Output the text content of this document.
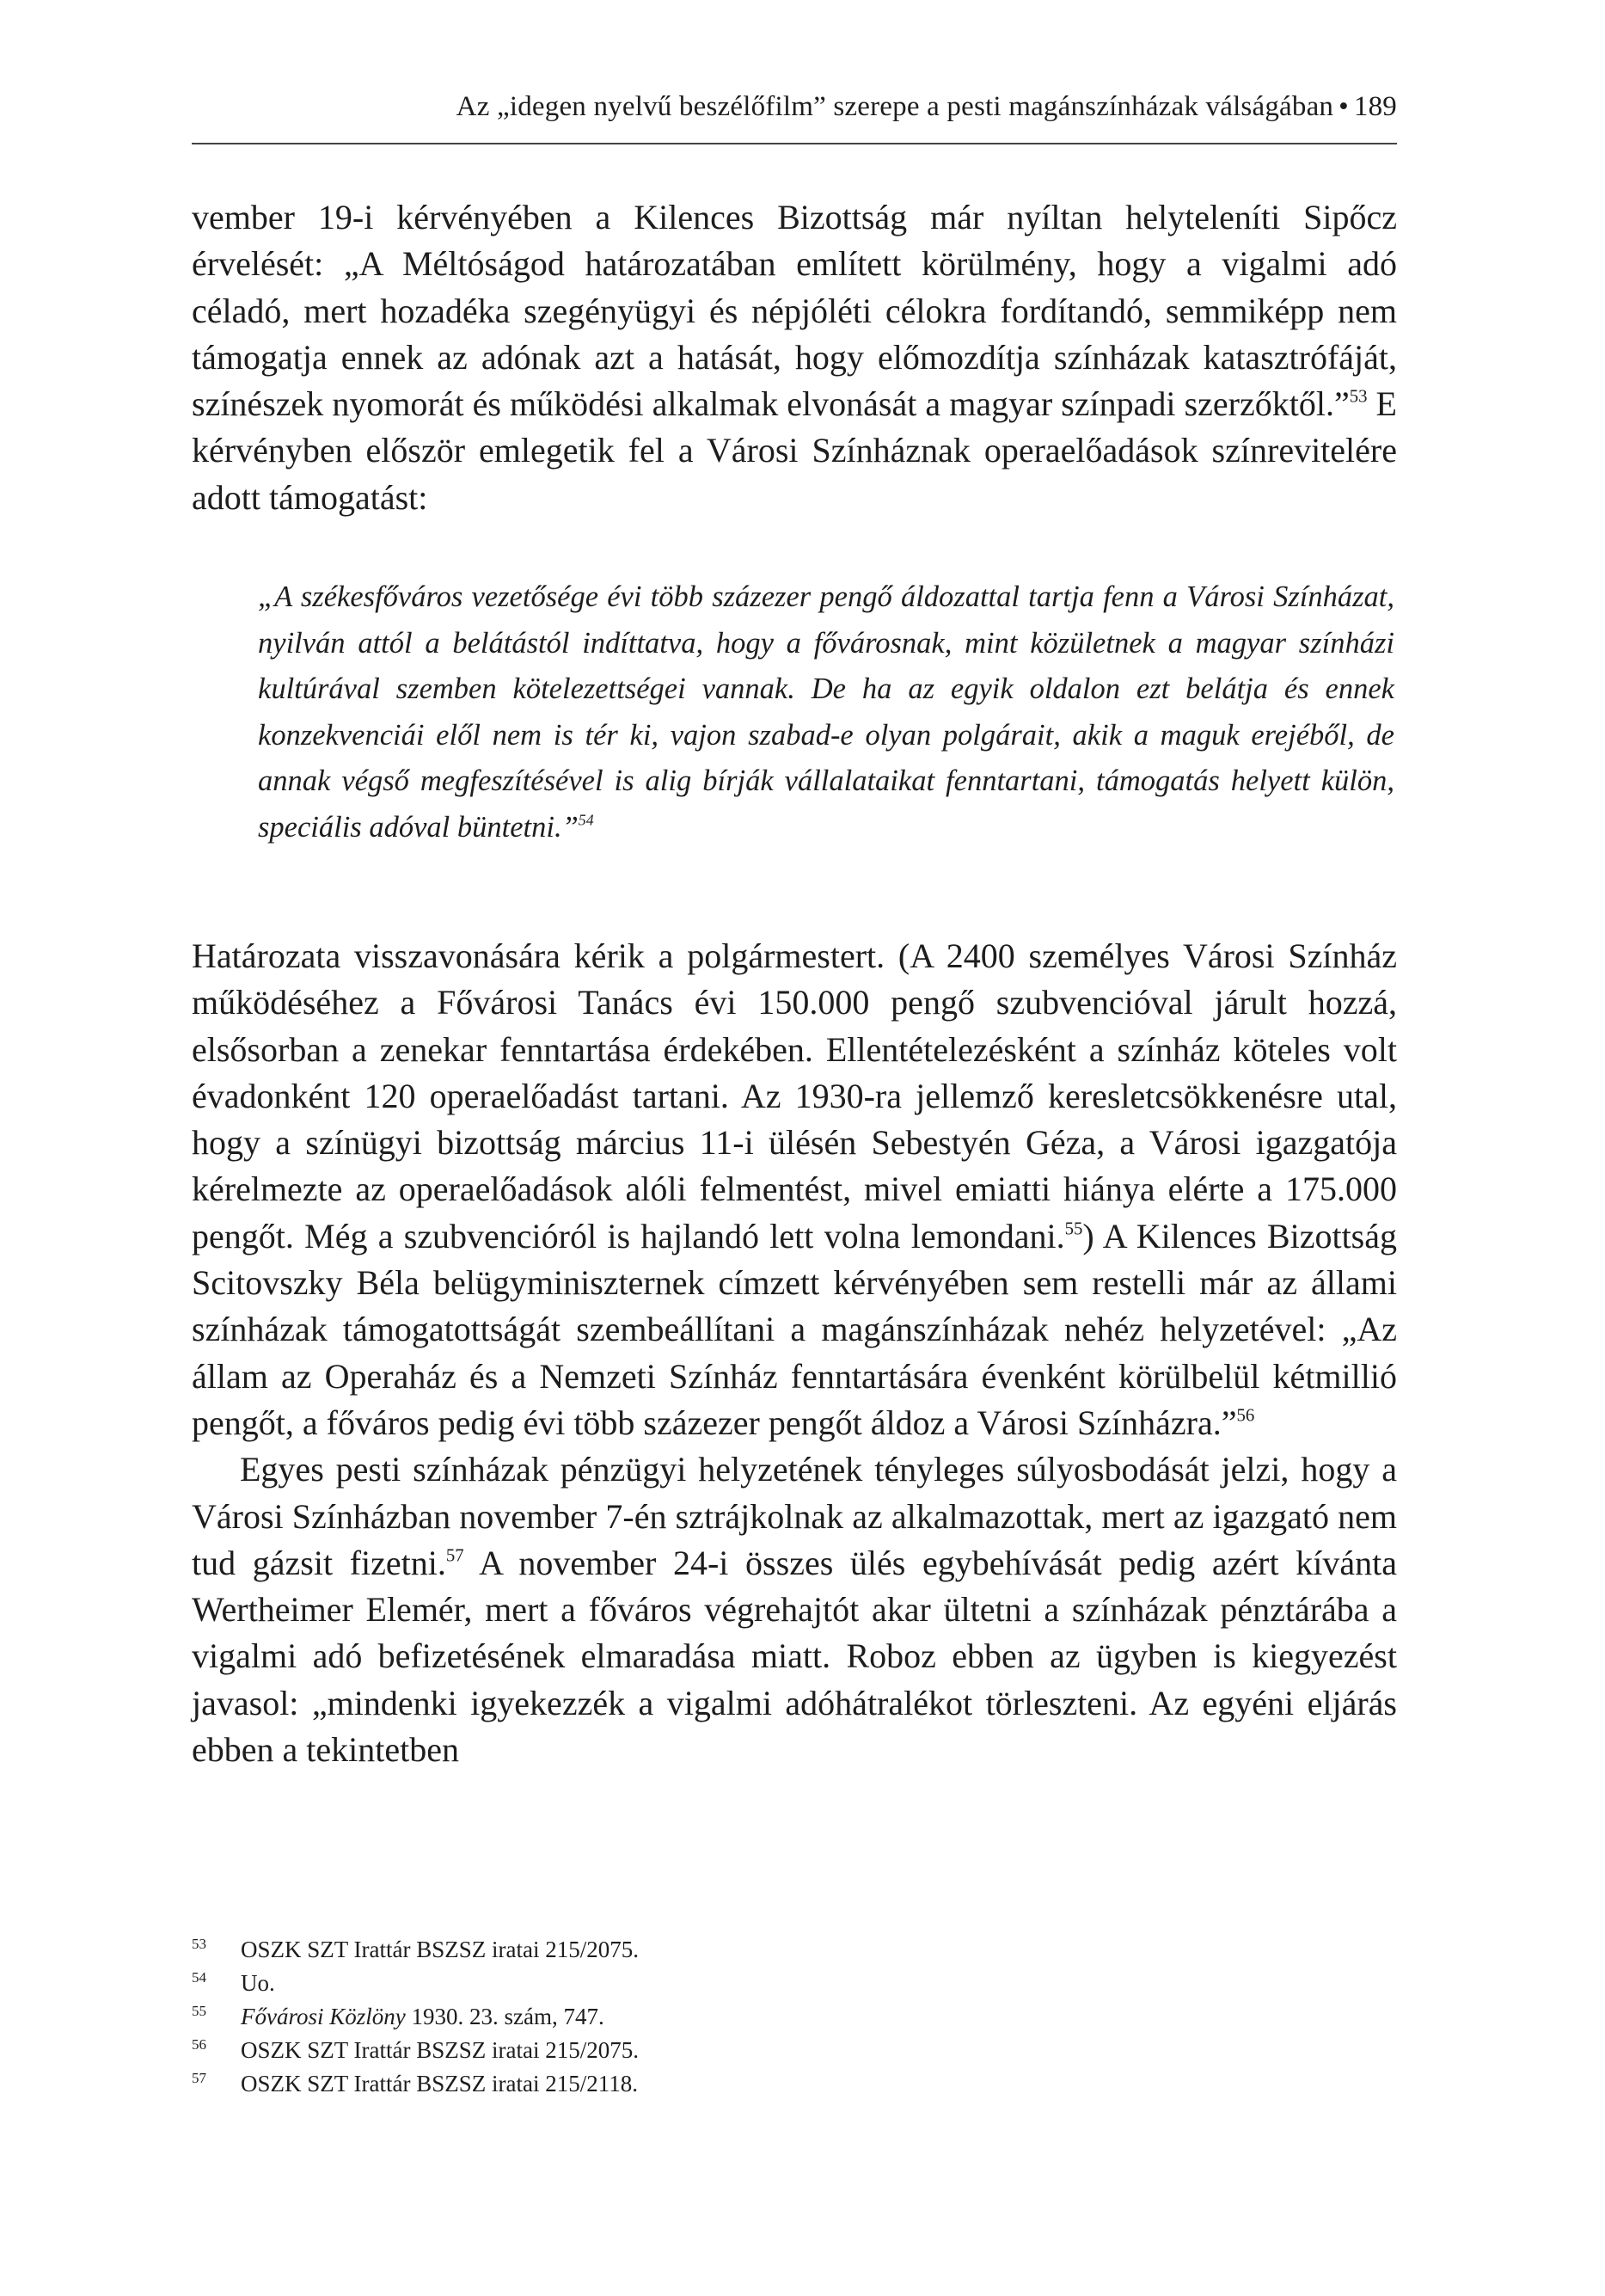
Az „idegen nyelvű beszélőfilm” szerepe a pesti magánszínházak válságában • 189

vember 19-i kérvényében a Kilences Bizottság már nyíltan helyteleníti Sipőcz érvelését: „A Méltóságod határozatában említett körülmény, hogy a vigalmi adó céladó, mert hozadéka szegényügyi és népjóléti célokra fordítandó, semmiképp nem támogatja ennek az adónak azt a hatását, hogy előmozdítja színházak katasztrófáját, színészek nyomorát és működési alkalmak elvonását a magyar színpadi szerzőktől.”$^{53}$ E kérvényben először emlegetik fel a Városi Színháznak operaelőadások színrevitelére adott támogatást:

„A székesfőváros vezetősége évi több százezer pengő áldozattal tartja fenn a Városi Színházat, nyilván attól a belátástól indíttatva, hogy a fővárosnak, mint közületnek a magyar színházi kultúrával szemben kötelezettségei vannak. De ha az egyik oldalon ezt belátja és ennek konzekvenciái elől nem is tér ki, vajon szabad-e olyan polgárait, akik a maguk erejéből, de annak végső megfeszítésével is alig bírják vállalataikat fenntartani, támogatás helyett külön, speciális adóval büntetni.”$^{54}$

Határozata visszavonására kérik a polgármestert. (A 2400 személyes Városi Színház működéséhez a Fővárosi Tanács évi 150.000 pengő szubvencióval járult hozzá, elsősorban a zenekar fenntartása érdekében. Ellentételezésként a színház köteles volt évadonként 120 operaelőadást tartani. Az 1930-ra jellemző keresletcsökkenésre utal, hogy a színügyi bizottság március 11-i ülésén Sebestyén Géza, a Városi igazgatója kérelmezte az operaelőadások alóli felmentést, mivel emiatti hiánya elérte a 175.000 pengőt. Még a szubvencióról is hajlandó lett volna lemondani.$^{55}$) A Kilences Bizottság Scitovszky Béla belügyminiszternek címzett kérvényében sem restelli már az állami színházak támogatottságát szembeállítani a magánszínházak nehéz helyzetével: „Az állam az Operaház és a Nemzeti Színház fenntartására évenként körülbelül kétmillió pengőt, a főváros pedig évi több százezer pengőt áldoz a Városi Színházra.”$^{56}$

Egyes pesti színházak pénzügyi helyzetének tényleges súlyosbodását jelzi, hogy a Városi Színházban november 7-én sztrájkolnak az alkalmazottak, mert az igazgató nem tud gázsit fizetni.$^{57}$ A november 24-i összes ülés egybehívását pedig azért kívánta Wertheimer Elemér, mert a főváros végrehajtót akar ültetni a színházak pénztárába a vigalmi adó befizetésének elmaradása miatt. Roboz ebben az ügyben is kiegyezést javasol: „mindenki igyekezzék a vigalmi adóhátralékot törleszteni. Az egyéni eljárás ebben a tekintetben

53	OSZK SZT Irattár BSZSZ iratai 215/2075.
54	Uo.
55	Fővárosi Közlöny 1930. 23. szám, 747.
56	OSZK SZT Irattár BSZSZ iratai 215/2075.
57	OSZK SZT Irattár BSZSZ iratai 215/2118.
